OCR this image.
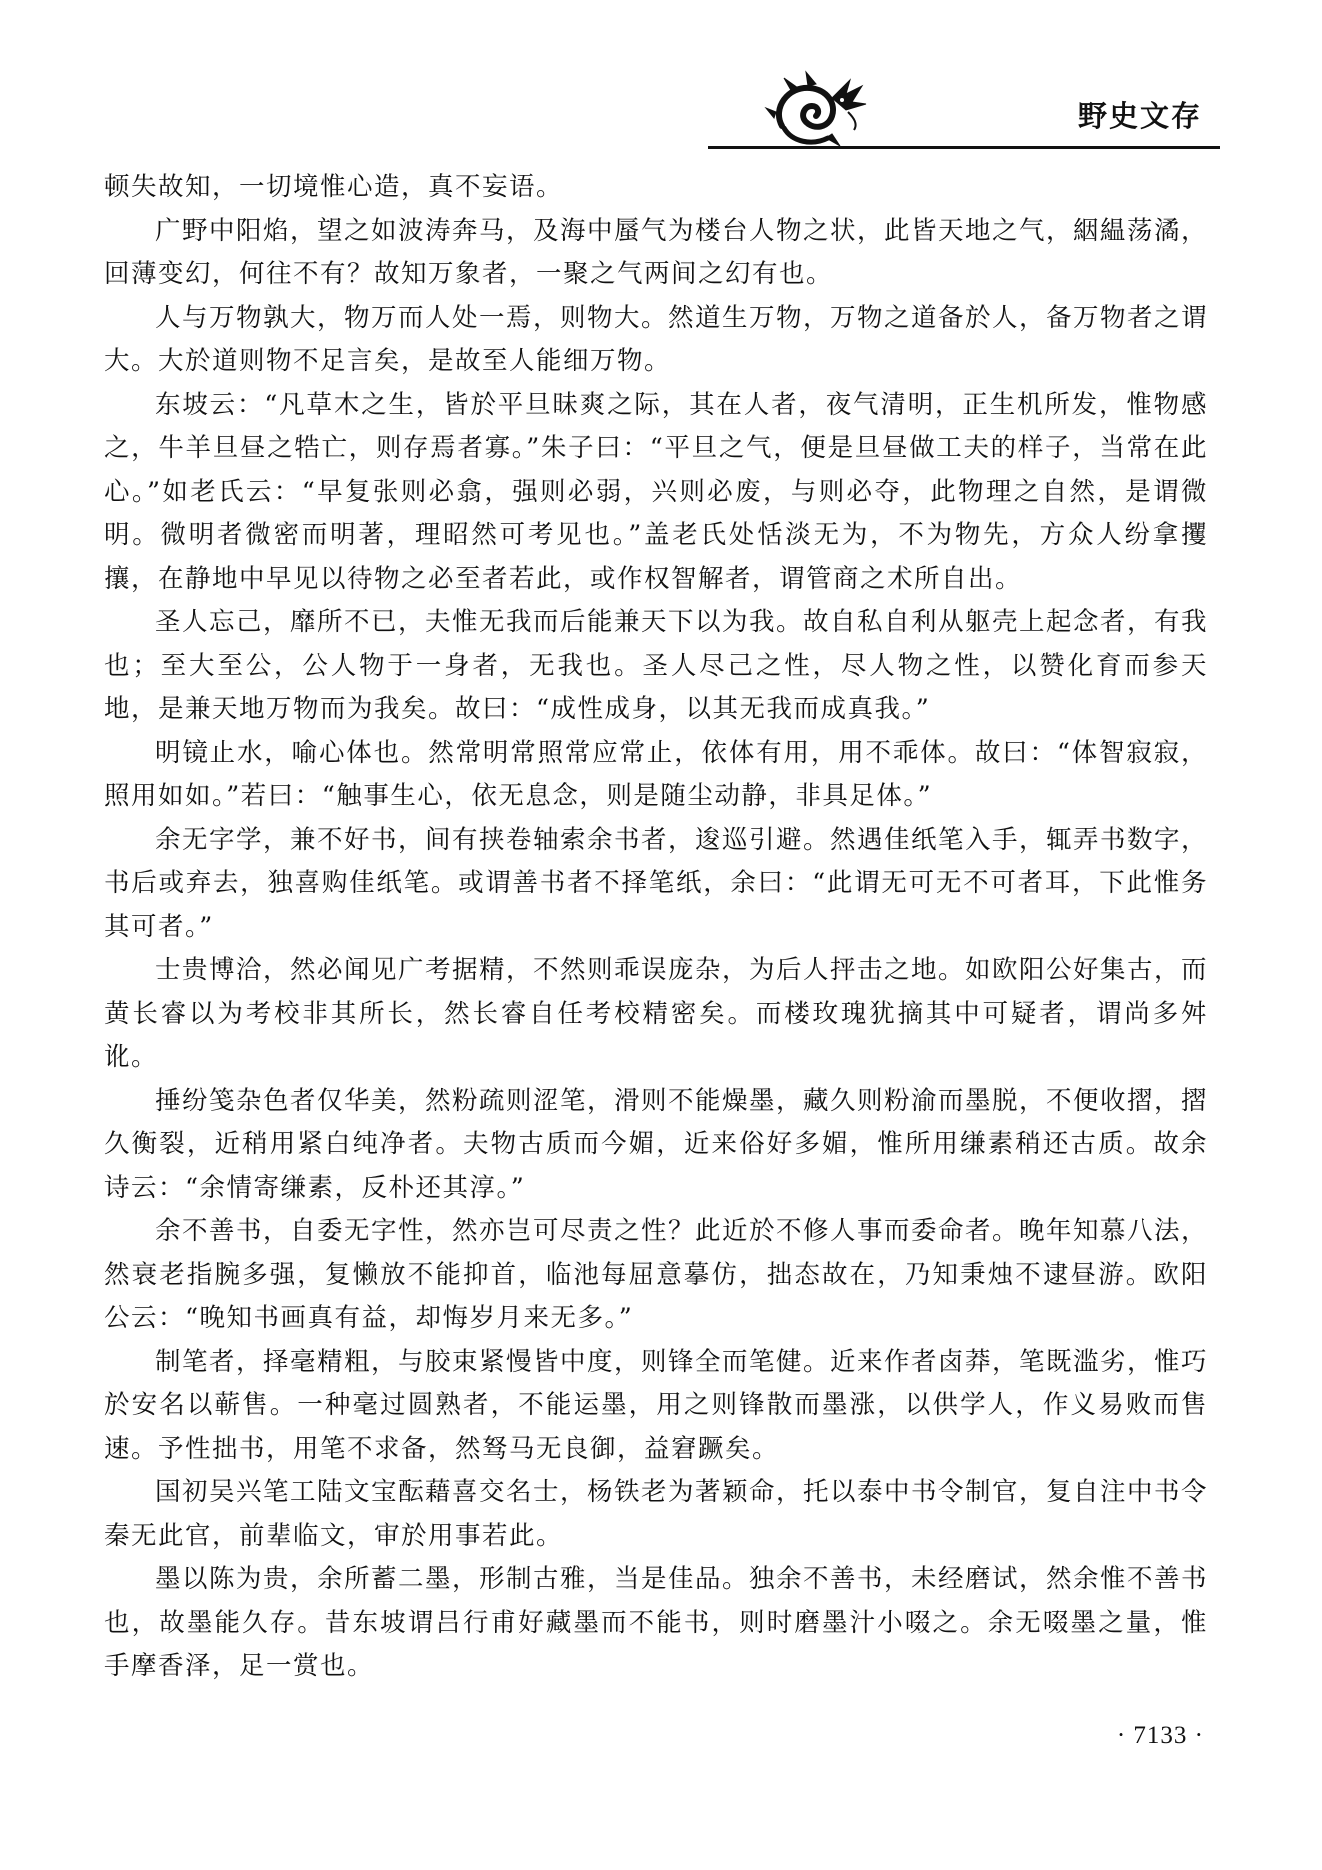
野史文存

顿失故知，一切境惟心造，真不妄语。

广野中阳焰，望之如波涛奔马，及海中蜃气为楼台人物之状，此皆天地之气，絪緼荡潏，回薄变幻，何往不有？故知万象者，一聚之气两间之幻有也。

人与万物孰大，物万而人处一焉，则物大。然道生万物，万物之道备於人，备万物者之谓大。大於道则物不足言矣，是故至人能细万物。

东坡云：“凡草木之生，皆於平旦昧爽之际，其在人者，夜气清明，正生机所发，惟物感之，牛羊旦昼之牿亡，则存焉者寡。”朱子曰：“平旦之气，便是旦昼做工夫的样子，当常在此心。”如老氏云：“早复张则必翕，强则必弱，兴则必废，与则必夺，此物理之自然，是谓微明。微明者微密而明著，理昭然可考见也。”盖老氏处恬淡无为，不为物先，方众人纷拿攫攘，在静地中早见以待物之必至者若此，或作权智解者，谓管商之术所自出。

圣人忘己，靡所不已，夫惟无我而后能兼天下以为我。故自私自利从躯壳上起念者，有我也；至大至公，公人物于一身者，无我也。圣人尽己之性，尽人物之性，以赞化育而参天地，是兼天地万物而为我矣。故曰：“成性成身，以其无我而成真我。”

明镜止水，喻心体也。然常明常照常应常止，依体有用，用不乖体。故曰：“体智寂寂，照用如如。”若曰：“触事生心，依无息念，则是随尘动静，非具足体。”

余无字学，兼不好书，间有挟卷轴索余书者，逡巡引避。然遇佳纸笔入手，辄弄书数字，书后或弃去，独喜购佳纸笔。或谓善书者不择笔纸，余曰：“此谓无可无不可者耳，下此惟务其可者。”

士贵博洽，然必闻见广考据精，不然则乖误庞杂，为后人抨击之地。如欧阳公好集古，而黄长睿以为考校非其所长，然长睿自任考校精密矣。而楼玫瑰犹摘其中可疑者，谓尚多舛讹。

捶纷笺杂色者仅华美，然粉疏则涩笔，滑则不能燥墨，藏久则粉渝而墨脱，不便收摺，摺久衡裂，近稍用紧白纯净者。夫物古质而今媚，近来俗好多媚，惟所用缣素稍还古质。故余诗云：“余情寄缣素，反朴还其淳。”

余不善书，自委无字性，然亦岂可尽责之性？此近於不修人事而委命者。晚年知慕八法，然衰老指腕多强，复懒放不能抑首，临池每屈意摹仿，拙态故在，乃知秉烛不逮昼游。欧阳公云：“晚知书画真有益，却悔岁月来无多。”

制笔者，择毫精粗，与胶束紧慢皆中度，则锋全而笔健。近来作者卤莽，笔既滥劣，惟巧於安名以蕲售。一种毫过圆熟者，不能运墨，用之则锋散而墨涨，以供学人，作义易败而售速。予性拙书，用笔不求备，然驽马无良御，益窘蹶矣。

国初吴兴笔工陆文宝酝藉喜交名士，杨铁老为著颖命，托以泰中书令制官，复自注中书令秦无此官，前辈临文，审於用事若此。

墨以陈为贵，余所蓄二墨，形制古雅，当是佳品。独余不善书，未经磨试，然余惟不善书也，故墨能久存。昔东坡谓吕行甫好藏墨而不能书，则时磨墨汁小啜之。余无啜墨之量，惟手摩香泽，足一赏也。

· 7133 ·
